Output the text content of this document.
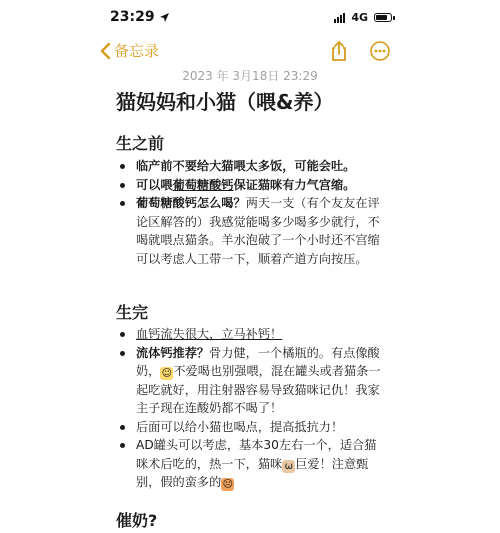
23:29	4G
备忘录
2023 年 3月18日 23:29
猫妈妈和小猫（喂&养）
生之前
临产前不要给大猫喂太多饭，可能会吐。
可以喂葡萄糖酸钙保证猫咪有力气宫缩。
葡萄糖酸钙怎么喝？两天一支（有个友友在评论区解答的）我感觉能喝多少喝多少就行，不喝就喂点猫条。羊水泡破了一个小时还不宫缩可以考虑人工带一下，顺着产道方向按压。
生完
血钙流失很大，立马补钙！
流体钙推荐？骨力健，一个橘瓶的。有点像酸奶，☺不爱喝也别强喂，混在罐头或者猫条一起吃就好，用注射器容易导致猫咪记仇！我家主子现在连酸奶都不喝了！
后面可以给小猫也喝点，提高抵抗力！
AD罐头可以考虑，基本30左右一个，适合猫咪术后吃的，热一下，猫咪 ω 巨爱！注意甄别，假的蛮多的☹
催奶?
